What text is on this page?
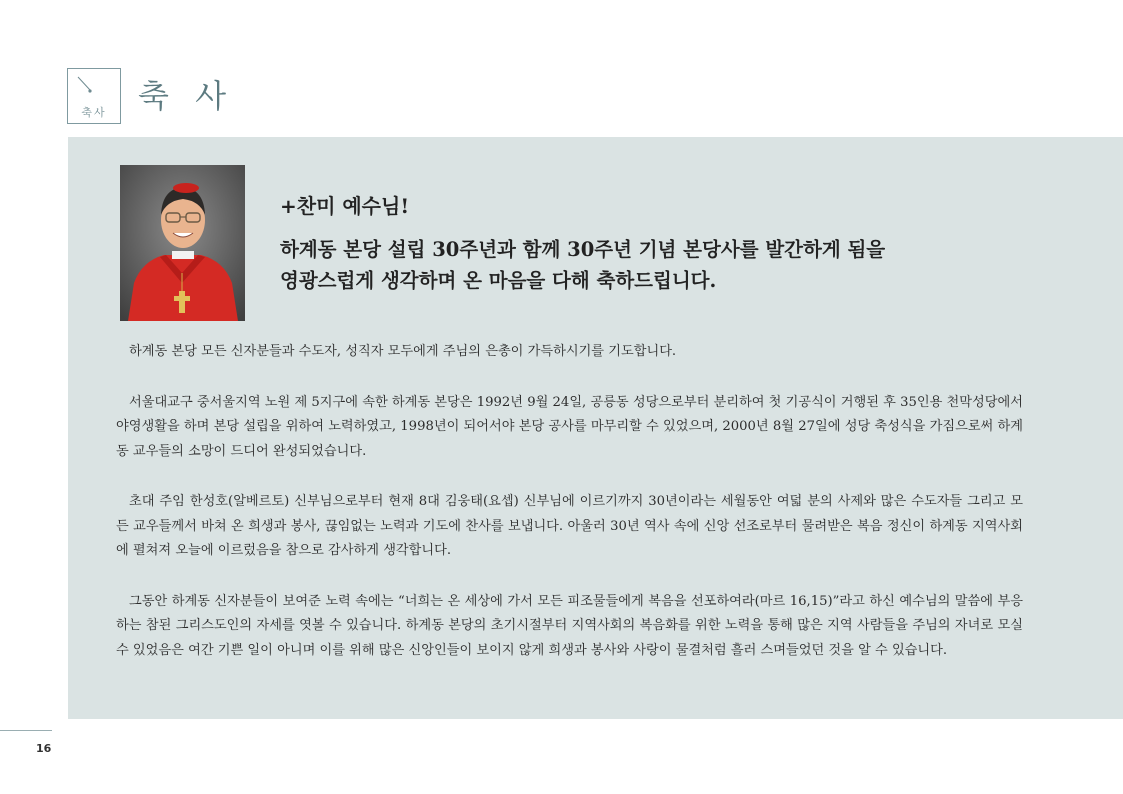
축사 축 사
+찬미 예수님!
하계동 본당 설립 30주년과 함께 30주년 기념 본당사를 발간하게 됨을
영광스럽게 생각하며 온 마음을 다해 축하드립니다.

하계동 본당 모든 신자분들과 수도자, 성직자 모두에게 주님의 은총이 가득하시기를 기도합니다.

서울대교구 중서울지역 노원 제 5지구에 속한 하계동 본당은 1992년 9월 24일, 공릉동 성당으로부터 분리하여 첫 기공식이 거행된 후 35인용 천막성당에서 야영생활을 하며 본당 설립을 위하여 노력하였고, 1998년이 되어서야 본당 공사를 마무리할 수 있었으며, 2000년 8월 27일에 성당 축성식을 가짐으로써 하계동 교우들의 소망이 드디어 완성되었습니다.

초대 주임 한성호(알베르토) 신부님으로부터 현재 8대 김웅태(요셉) 신부님에 이르기까지 30년이라는 세월동안 여덟 분의 사제와 많은 수도자들 그리고 모든 교우들께서 바쳐 온 희생과 봉사, 끊임없는 노력과 기도에 찬사를 보냅니다. 아울러 30년 역사 속에 신앙 선조로부터 물려받은 복음 정신이 하계동 지역사회에 펼쳐져 오늘에 이르렀음을 참으로 감사하게 생각합니다.

그동안 하계동 신자분들이 보여준 노력 속에는 “너희는 온 세상에 가서 모든 피조물들에게 복음을 선포하여라(마르 16,15)”라고 하신 예수님의 말씀에 부응하는 참된 그리스도인의 자세를 엿볼 수 있습니다. 하계동 본당의 초기시절부터 지역사회의 복음화를 위한 노력을 통해 많은 지역 사람들을 주님의 자녀로 모실 수 있었음은 여간 기쁜 일이 아니며 이를 위해 많은 신앙인들이 보이지 않게 희생과 봉사와 사랑이 물결처럼 흘러 스며들었던 것을 알 수 있습니다.

16
